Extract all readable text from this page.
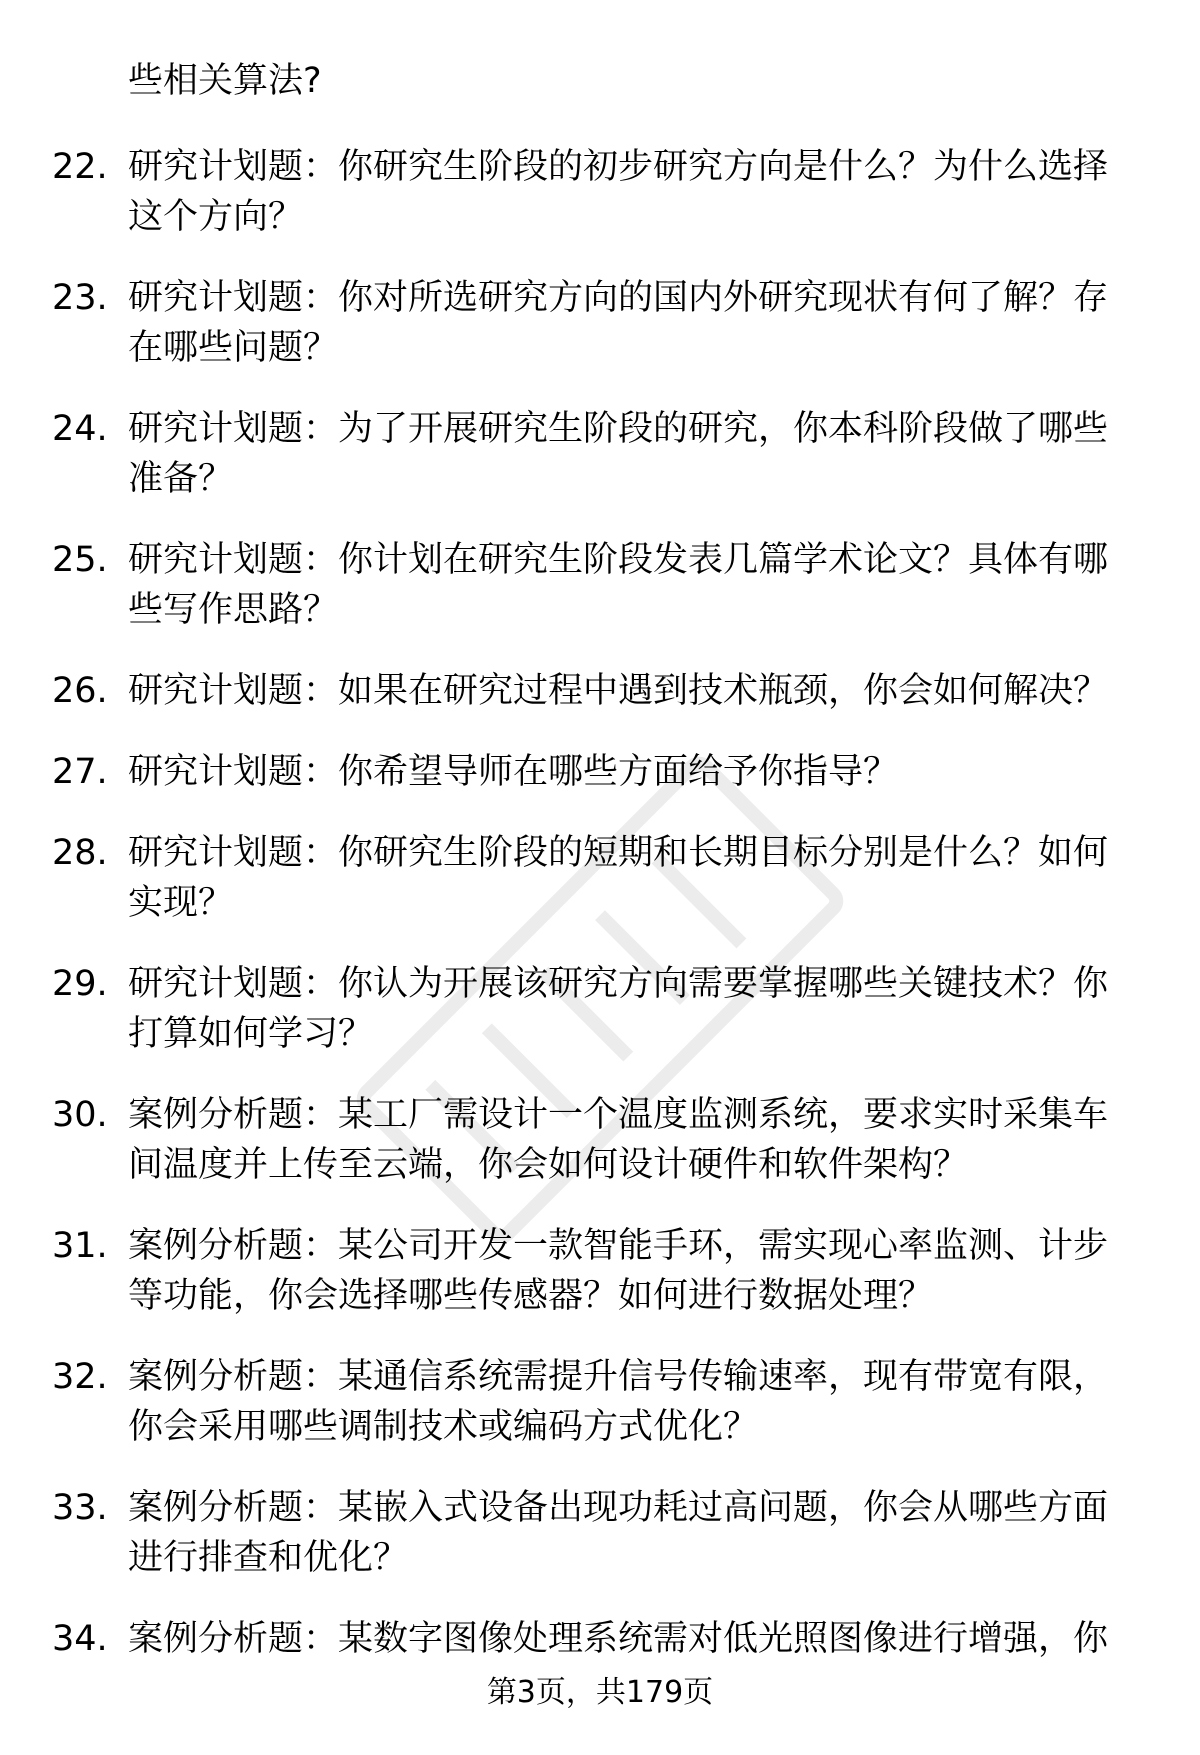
些相关算法?

22. 研究计划题：你研究生阶段的初步研究方向是什么？为什么选择这个方向？
23. 研究计划题：你对所选研究方向的国内外研究现状有何了解？存在哪些问题？
24. 研究计划题：为了开展研究生阶段的研究，你本科阶段做了哪些准备？
25. 研究计划题：你计划在研究生阶段发表几篇学术论文？具体有哪些写作思路？
26. 研究计划题：如果在研究过程中遇到技术瓶颈，你会如何解决？
27. 研究计划题：你希望导师在哪些方面给予你指导？
28. 研究计划题：你研究生阶段的短期和长期目标分别是什么？如何实现？
29. 研究计划题：你认为开展该研究方向需要掌握哪些关键技术？你打算如何学习？
30. 案例分析题：某工厂需设计一个温度监测系统，要求实时采集车间温度并上传至云端，你会如何设计硬件和软件架构？
31. 案例分析题：某公司开发一款智能手环，需实现心率监测、计步等功能，你会选择哪些传感器？如何进行数据处理？
32. 案例分析题：某通信系统需提升信号传输速率，现有带宽有限，你会采用哪些调制技术或编码方式优化？
33. 案例分析题：某嵌入式设备出现功耗过高问题，你会从哪些方面进行排查和优化？
34. 案例分析题：某数字图像处理系统需对低光照图像进行增强，你
第3页，共179页
